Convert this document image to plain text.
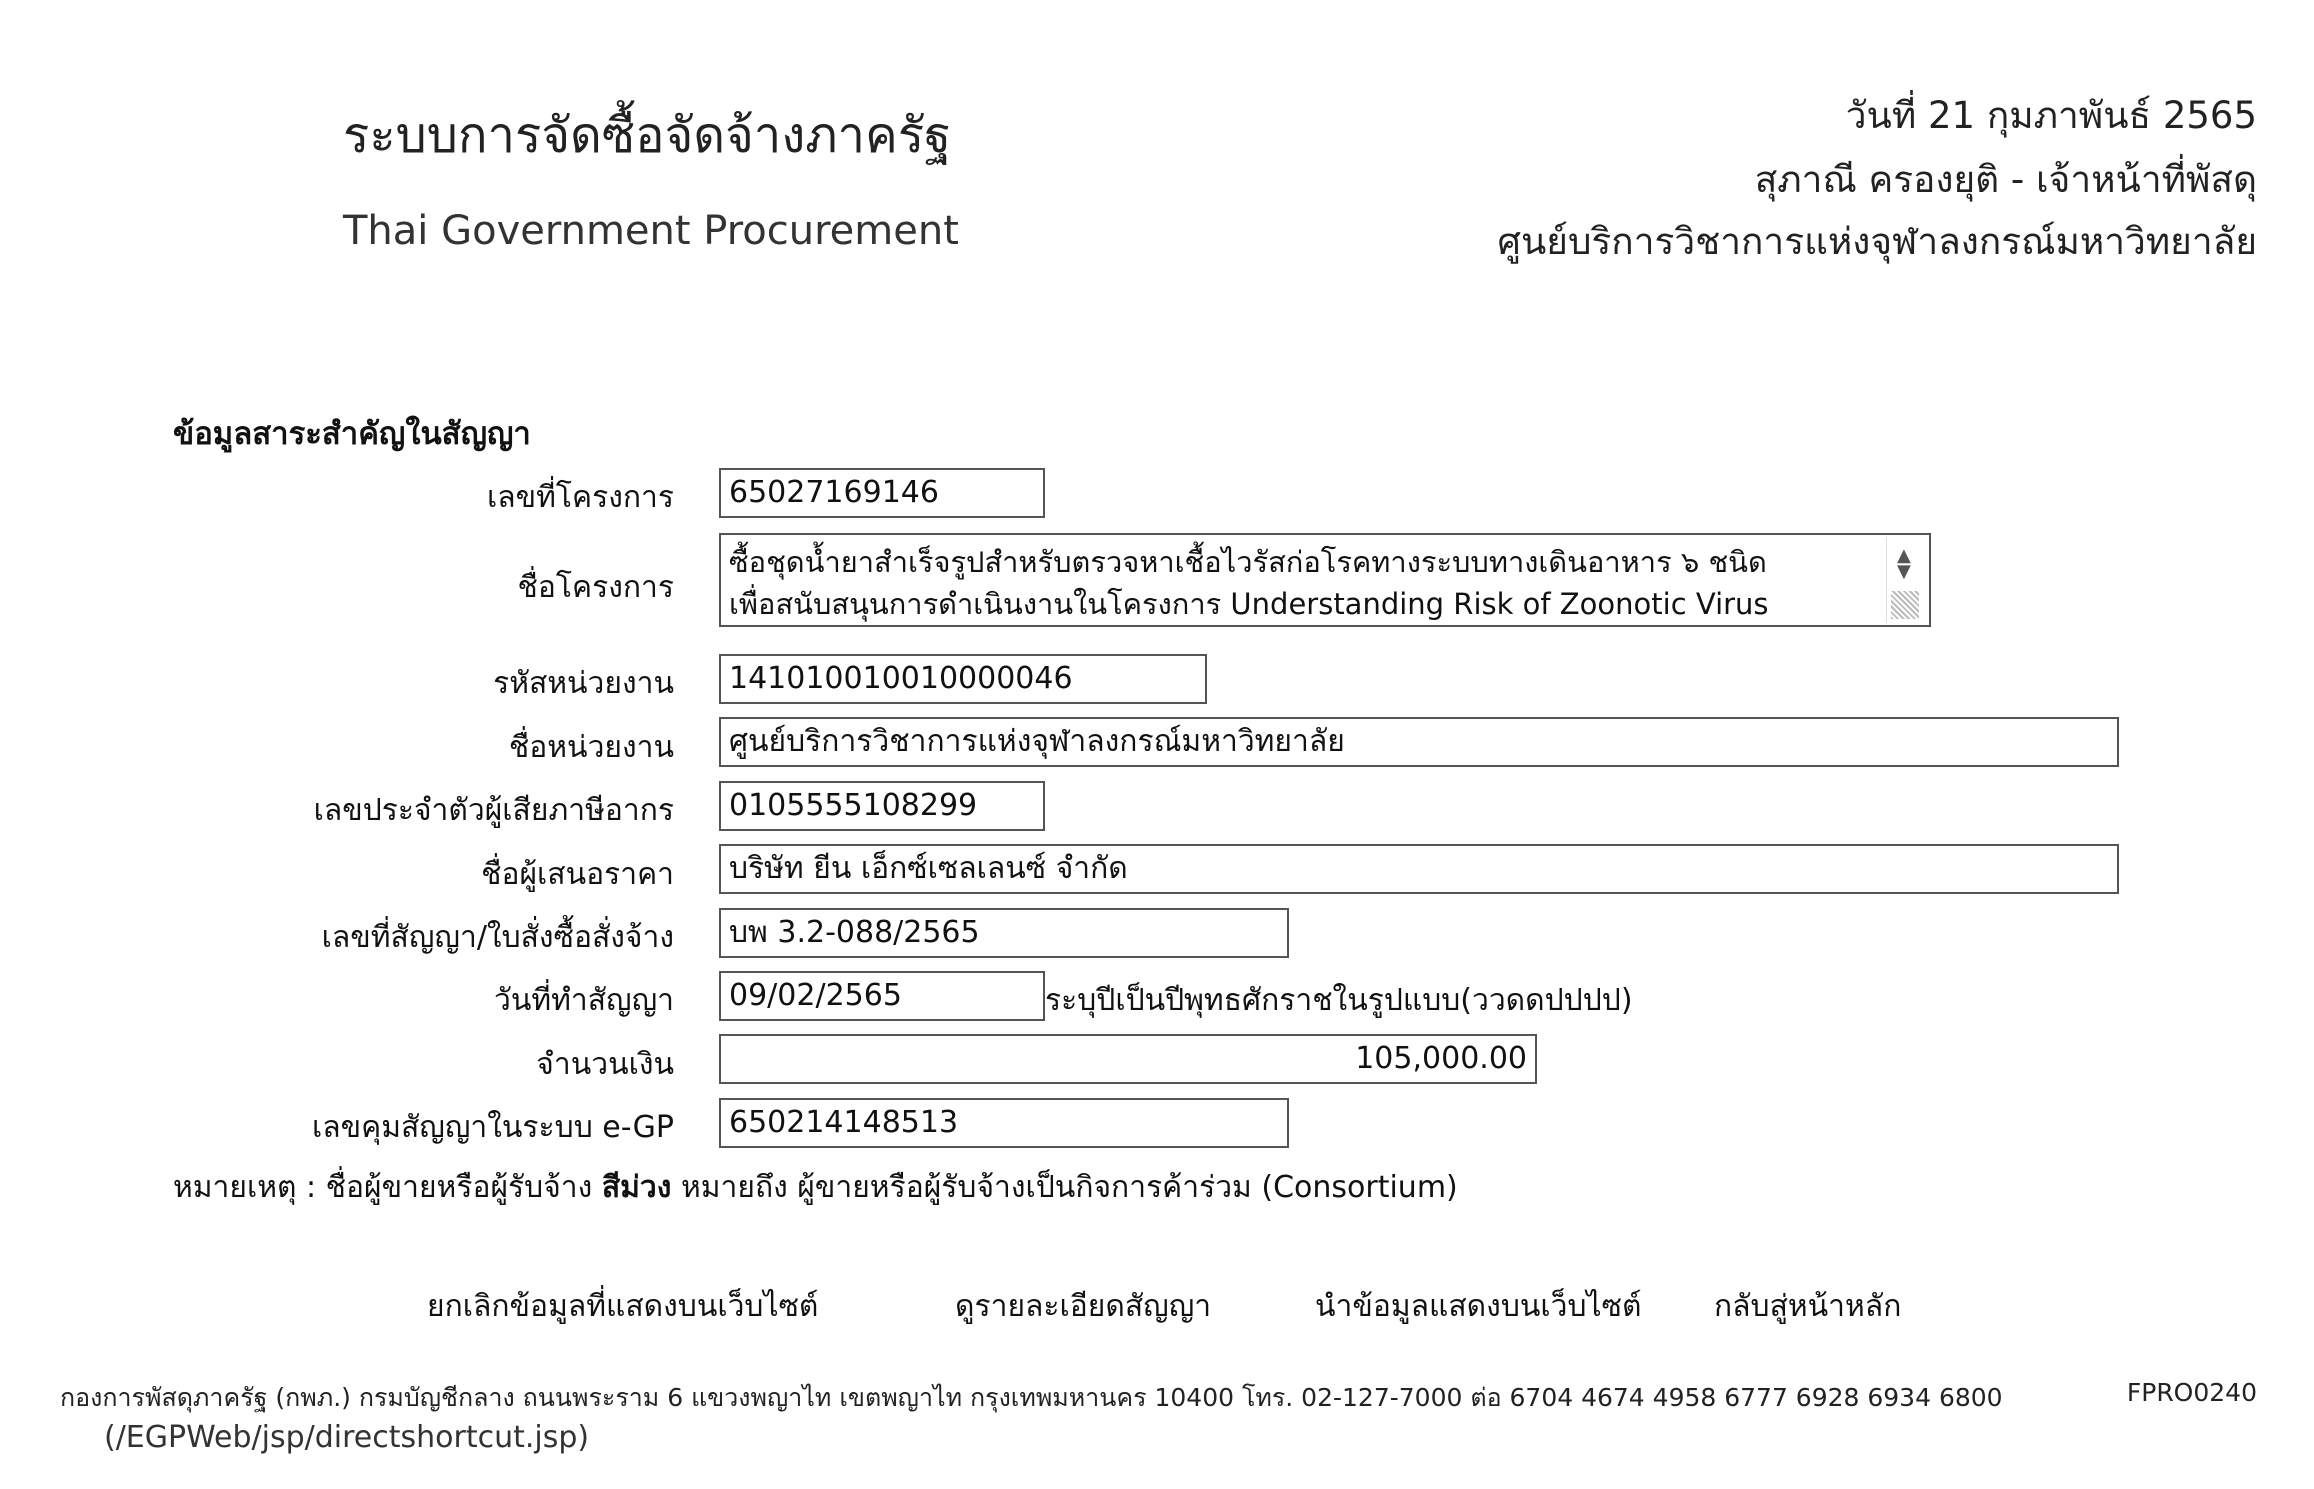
ระบบการจัดซื้อจัดจ้างภาครัฐ
Thai Government Procurement
วันที่ 21 กุมภาพันธ์ 2565
สุภาณี ครองยุติ - เจ้าหน้าที่พัสดุ
ศูนย์บริการวิชาการแห่งจุฬาลงกรณ์มหาวิทยาลัย
ข้อมูลสาระสำคัญในสัญญา
เลขที่โครงการ	65027169146
ชื่อโครงการ
ซื้อชุดน้ำยาสำเร็จรูปสำหรับตรวจหาเชื้อไวรัสก่อโรคทางระบบทางเดินอาหาร ๖ ชนิด
เพื่อสนับสนุนการดำเนินงานในโครงการ Understanding Risk of Zoonotic Virus
▲
▼
รหัสหน่วยงาน	141010010010000046
ชื่อหน่วยงาน	ศูนย์บริการวิชาการแห่งจุฬาลงกรณ์มหาวิทยาลัย
เลขประจำตัวผู้เสียภาษีอากร	0105555108299
ชื่อผู้เสนอราคา	บริษัท ยีน เอ็กซ์เซลเลนซ์ จำกัด
เลขที่สัญญา/ใบสั่งซื้อสั่งจ้าง	บพ 3.2-088/2565
วันที่ทำสัญญา	09/02/2565	ระบุปีเป็นปีพุทธศักราชในรูปแบบ(ววดดปปปป)
จำนวนเงิน	105,000.00
เลขคุมสัญญาในระบบ e-GP	650214148513
หมายเหตุ : ชื่อผู้ขายหรือผู้รับจ้าง สีม่วง หมายถึง ผู้ขายหรือผู้รับจ้างเป็นกิจการค้าร่วม (Consortium)
ยกเลิกข้อมูลที่แสดงบนเว็บไซต์	ดูรายละเอียดสัญญา	นำข้อมูลแสดงบนเว็บไซต์ กลับสู่หน้าหลัก
กองการพัสดุภาครัฐ (กพภ.) กรมบัญชีกลาง ถนนพระราม 6 แขวงพญาไท เขตพญาไท กรุงเทพมหานคร 10400 โทร. 02-127-7000 ต่อ 6704 4674 4958 6777 6928 6934 6800	FPRO0240
(/EGPWeb/jsp/directshortcut.jsp)
